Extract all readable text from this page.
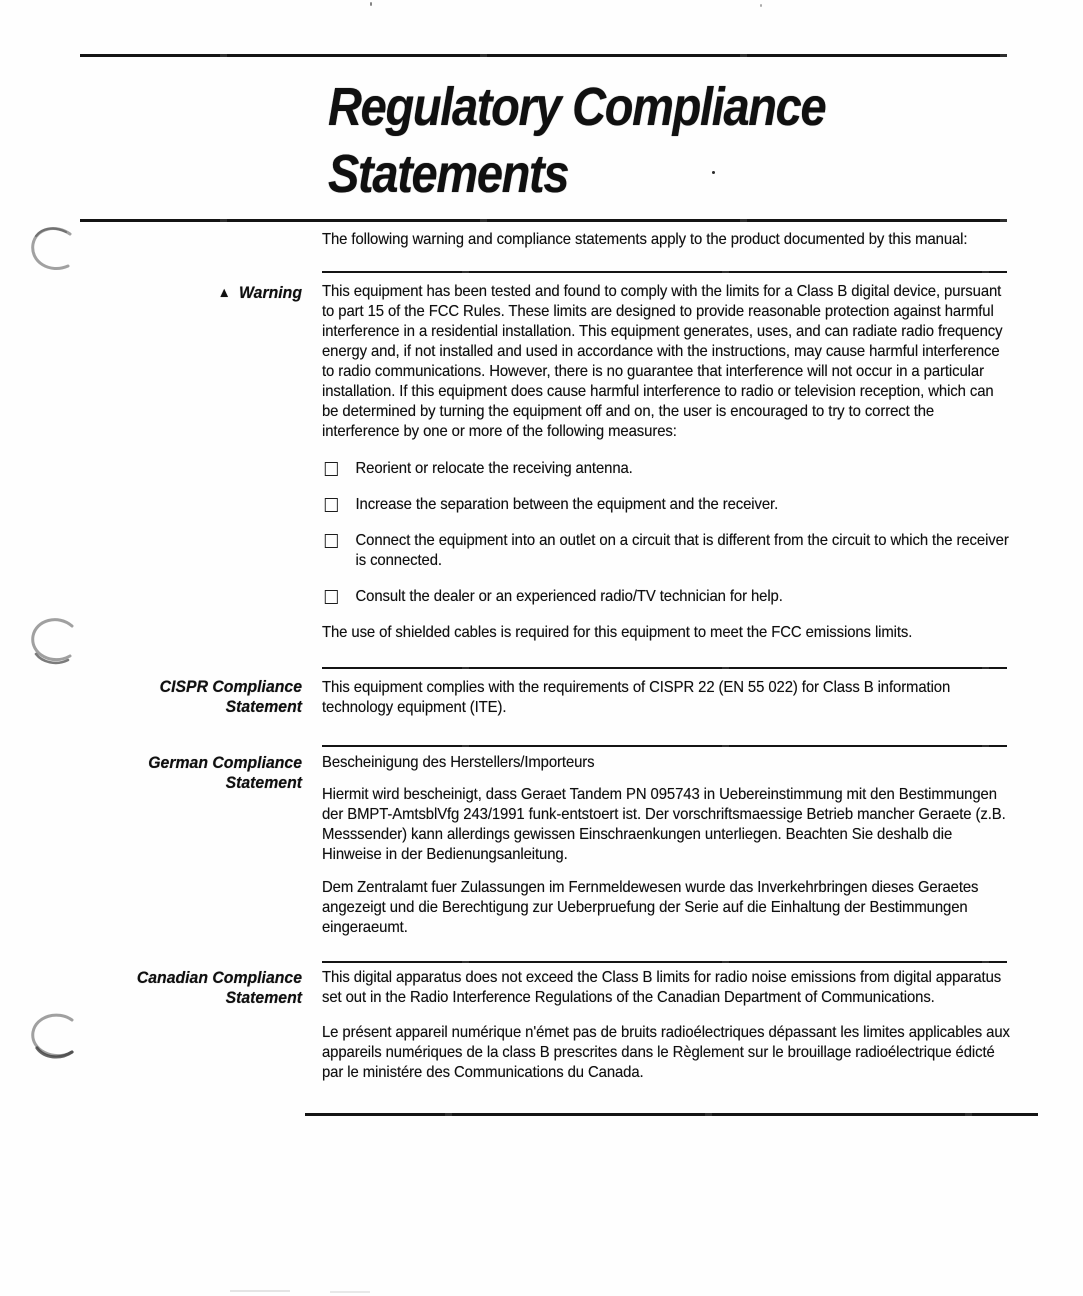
Regulatory Compliance
Statements
The following warning and compliance statements apply to the product documented by this manual:
▲ Warning This equipment has been tested and found to comply with the limits for a Class B digital device, pursuant to part 15 of the FCC Rules. These limits are designed to provide reasonable protection against harmful interference in a residential installation. This equipment generates, uses, and can radiate radio frequency energy and, if not installed and used in accordance with the instructions, may cause harmful interference to radio communications. However, there is no guarantee that interference will not occur in a particular installation. If this equipment does cause harmful interference to radio or television reception, which can be determined by turning the equipment off and on, the user is encouraged to try to correct the interference by one or more of the following measures:

Reorient or relocate the receiving antenna.
Increase the separation between the equipment and the receiver.
Connect the equipment into an outlet on a circuit that is different from the circuit to which the receiver is connected.
Consult the dealer or an experienced radio/TV technician for help.

The use of shielded cables is required for this equipment to meet the FCC emissions limits.

CISPR Compliance
Statement

This equipment complies with the requirements of CISPR 22 (EN 55 022) for Class B information technology equipment (ITE).

German Compliance
Statement

Bescheinigung des Herstellers/Importeurs

Hiermit wird bescheinigt, dass Geraet Tandem PN 095743 in Uebereinstimmung mit den Bestimmungen der BMPT-AmtsblVfg 243/1991 funk-entstoert ist. Der vorschriftsmaessige Betrieb mancher Geraete (z.B. Messsender) kann allerdings gewissen Einschraenkungen unterliegen. Beachten Sie deshalb die Hinweise in der Bedienungsanleitung.

Dem Zentralamt fuer Zulassungen im Fernmeldewesen wurde das Inverkehrbringen dieses Geraetes angezeigt und die Berechtigung zur Ueberpruefung der Serie auf die Einhaltung der Bestimmungen eingeraeumt.

Canadian Compliance
Statement

This digital apparatus does not exceed the Class B limits for radio noise emissions from digital apparatus set out in the Radio Interference Regulations of the Canadian Department of Communications.

Le présent appareil numérique n'émet pas de bruits radioélectriques dépassant les limites applicables aux appareils numériques de la class B prescrites dans le Règlement sur le brouillage radioélectrique édicté par le ministére des Communications du Canada.
